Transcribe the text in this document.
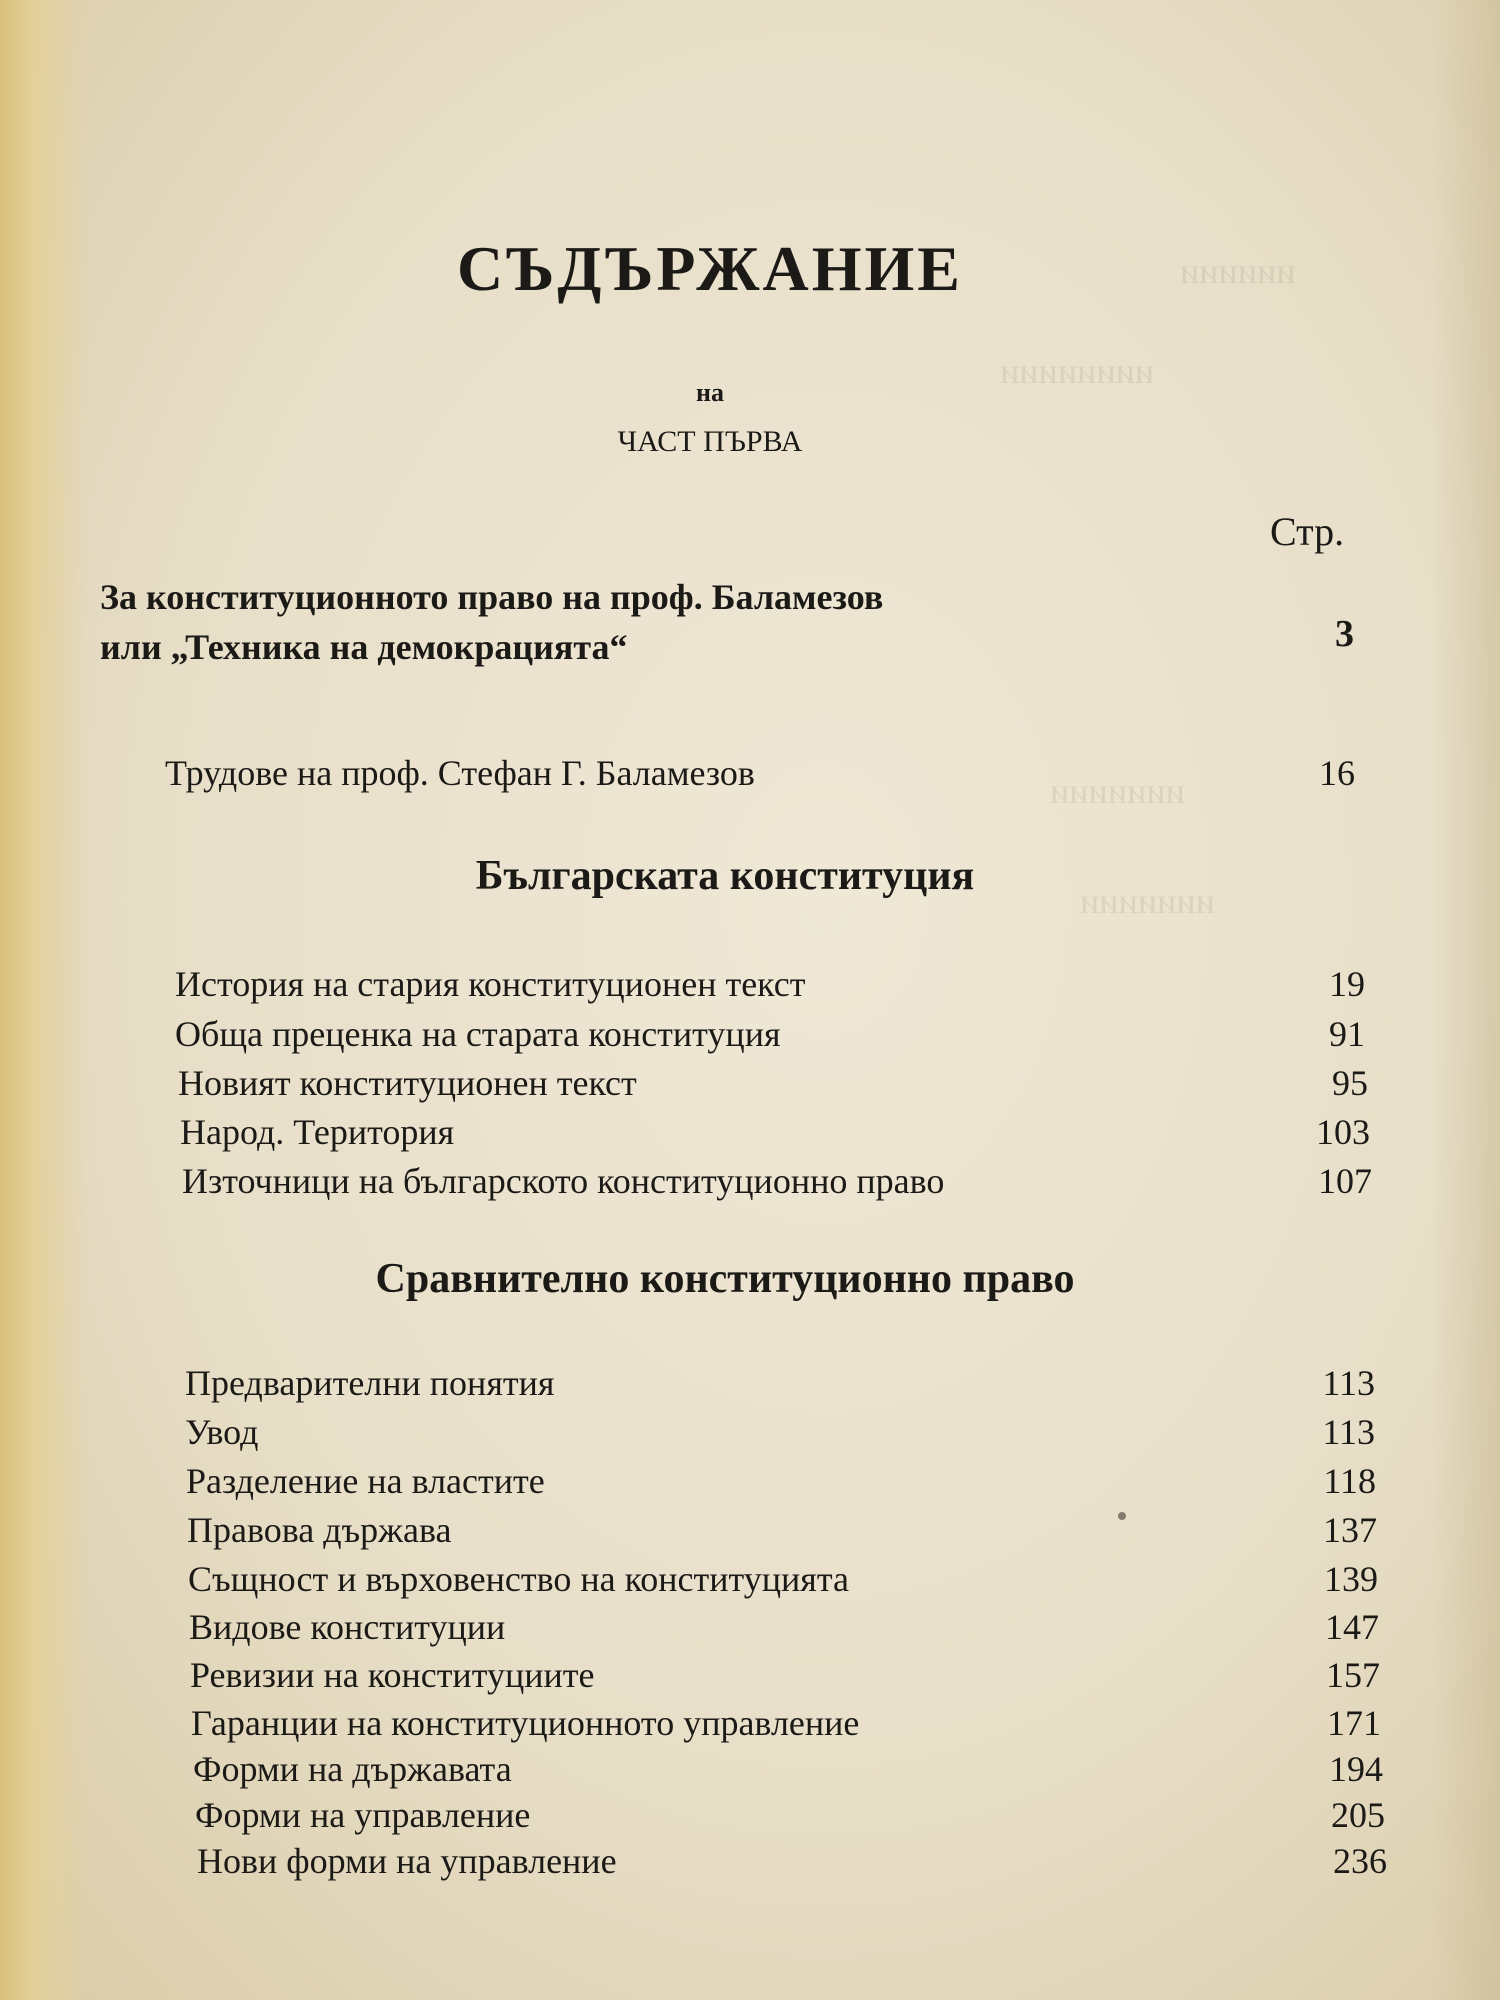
ииииии
ииииииии
иииииии
иииииии
СЪДЪРЖАНИЕ
на
ЧАСТ ПЪРВА
Стр.
За конституционното право на проф. Баламезов
или „Техника на демокрацията“	3
Трудове на проф. Стефан Г. Баламезов	16
Българската конституция
История на стария конституционен текст	19
Обща преценка на старата конституция	91
Новият конституционен текст	95
Народ. Територия	103
Източници на българското конституционно право	107
Сравнително конституционно право
Предварителни понятия	113
Увод	113
Разделение на властите	118
Правова държава	137
Същност и върховенство на конституцията	139
Видове конституции	147
Ревизии на конституциите	157
Гаранции на конституционното управление	171
Форми на държавата	194
Форми на управление	205
Нови форми на управление	236
